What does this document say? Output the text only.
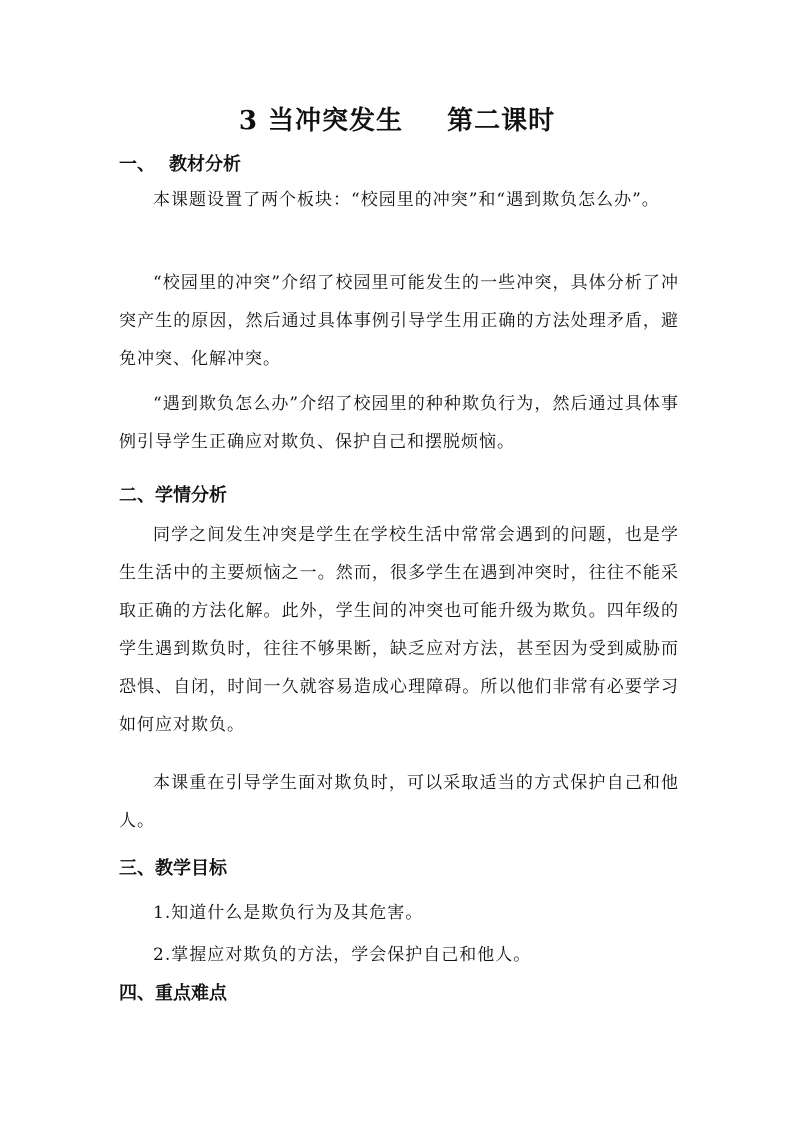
3 当冲突发生 第二课时
一、 教材分析

本课题设置了两个板块：“校园里的冲突”和“遇到欺负怎么办”。

“校园里的冲突”介绍了校园里可能发生的一些冲突，具体分析了冲突产生的原因，然后通过具体事例引导学生用正确的方法处理矛盾，避免冲突、化解冲突。

“遇到欺负怎么办”介绍了校园里的种种欺负行为，然后通过具体事例引导学生正确应对欺负、保护自己和摆脱烦恼。

二、学情分析

同学之间发生冲突是学生在学校生活中常常会遇到的问题，也是学生生活中的主要烦恼之一。然而，很多学生在遇到冲突时，往往不能采取正确的方法化解。此外，学生间的冲突也可能升级为欺负。四年级的学生遇到欺负时，往往不够果断，缺乏应对方法，甚至因为受到威胁而恐惧、自闭，时间一久就容易造成心理障碍。所以他们非常有必要学习如何应对欺负。

本课重在引导学生面对欺负时，可以采取适当的方式保护自己和他人。

三、教学目标
1.知道什么是欺负行为及其危害。
2.掌握应对欺负的方法，学会保护自己和他人。
四、重点难点
